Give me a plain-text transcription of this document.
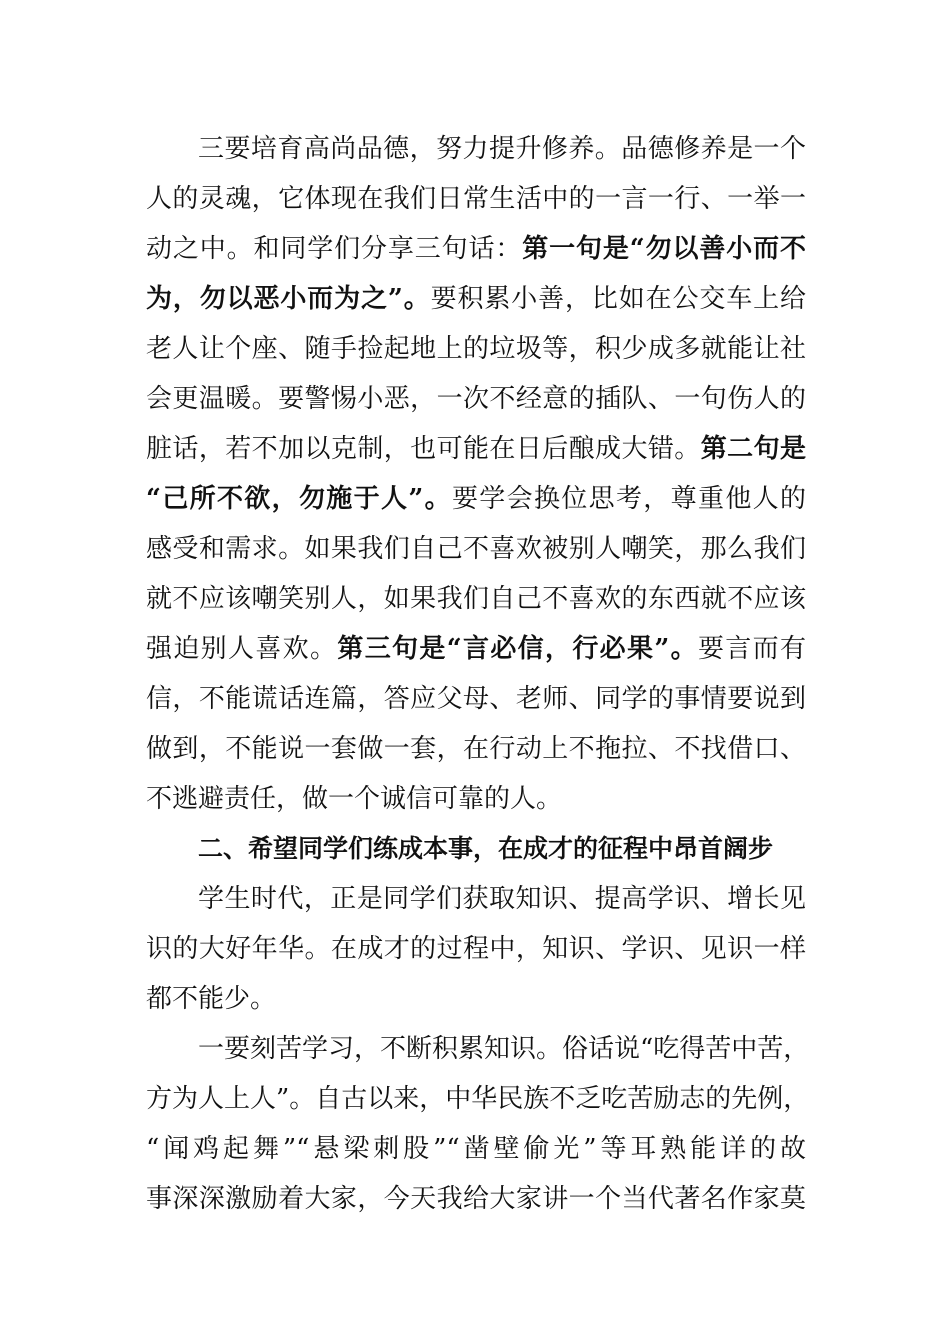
三要培育高尚品德，努力提升修养。品德修养是一个
人的灵魂，它体现在我们日常生活中的一言一行、一举一
动之中。和同学们分享三句话：第一句是“勿以善小而不
为，勿以恶小而为之”。要积累小善，比如在公交车上给
老人让个座、随手捡起地上的垃圾等，积少成多就能让社
会更温暖。要警惕小恶，一次不经意的插队、一句伤人的
脏话，若不加以克制，也可能在日后酿成大错。第二句是
“己所不欲，勿施于人”。要学会换位思考，尊重他人的
感受和需求。如果我们自己不喜欢被别人嘲笑，那么我们
就不应该嘲笑别人，如果我们自己不喜欢的东西就不应该
强迫别人喜欢。第三句是“言必信，行必果”。要言而有
信，不能谎话连篇，答应父母、老师、同学的事情要说到
做到，不能说一套做一套，在行动上不拖拉、不找借口、
不逃避责任，做一个诚信可靠的人。
二、希望同学们练成本事，在成才的征程中昂首阔步
学生时代，正是同学们获取知识、提高学识、增长见
识的大好年华。在成才的过程中，知识、学识、见识一样
都不能少。
一要刻苦学习，不断积累知识。俗话说“吃得苦中苦，
方为人上人”。自古以来，中华民族不乏吃苦励志的先例，
“闻鸡起舞”“悬梁刺股”“凿壁偷光”等耳熟能详的故
事深深激励着大家，今天我给大家讲一个当代著名作家莫
